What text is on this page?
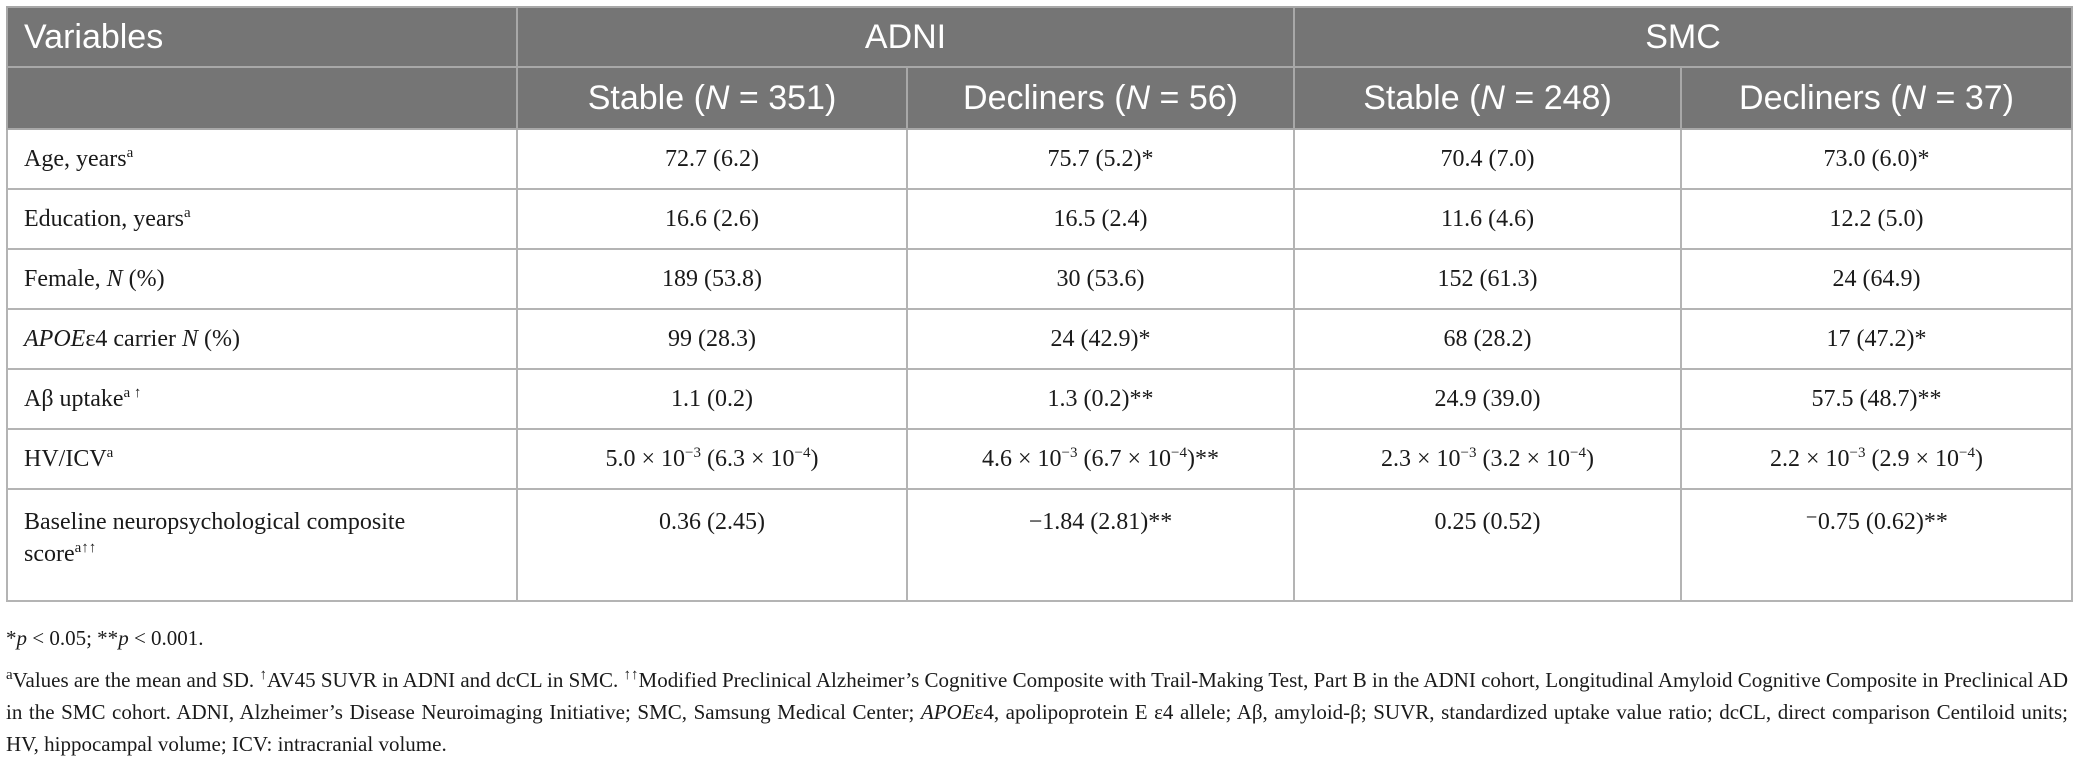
Variables	ADNI		SMC	
	Stable (N = 351)	Decliners (N = 56)	Stable (N = 248)	Decliners (N = 37)
Age, years$^a$	72.7 (6.2)	75.7 (5.2)*	70.4 (7.0)	73.0 (6.0)*
Education, years$^a$	16.6 (2.6)	16.5 (2.4)	11.6 (4.6)	12.2 (5.0)
Female, N (%)	189 (53.8)	30 (53.6)	152 (61.3)	24 (64.9)
APOEε4 carrier N (%)	99 (28.3)	24 (42.9)*	68 (28.2)	17 (47.2)*
Aβ uptake$^{a ↑}$	1.1 (0.2)	1.3 (0.2)**	24.9 (39.0)	57.5 (48.7)**
HV/ICV$^a$	$5.0 \times 10^{-3}$ $(6.3 \times 10^{-4})$	$4.6 \times 10^{-3}$ $(6.7 \times 10^{-4})**$	$2.3 \times 10^{-3}$ $(3.2 \times 10^{-4})$	$2.2 \times 10^{-3}$ $(2.9 \times 10^{-4})$
Baseline neuropsychological composite
score$^{a↑↑}$	0.36 (2.45)	−1.84 (2.81)**	0.25 (0.52)	⁻0.75 (0.62)**

*p < 0.05; **p < 0.001.

$^a$Values are the mean and SD. ↑AV45 SUVR in ADNI and dcCL in SMC. ↑↑Modified Preclinical Alzheimer’s Cognitive Composite with Trail-Making Test, Part B in the ADNI cohort, Longitudinal Amyloid Cognitive Composite in Preclinical AD in the SMC cohort. ADNI, Alzheimer’s Disease Neuroimaging Initiative; SMC, Samsung Medical Center; APOEε4, apolipoprotein E ε4 allele; Aβ, amyloid-β; SUVR, standardized uptake value ratio; dcCL, direct comparison Centiloid units; HV, hippocampal volume; ICV: intracranial volume.
